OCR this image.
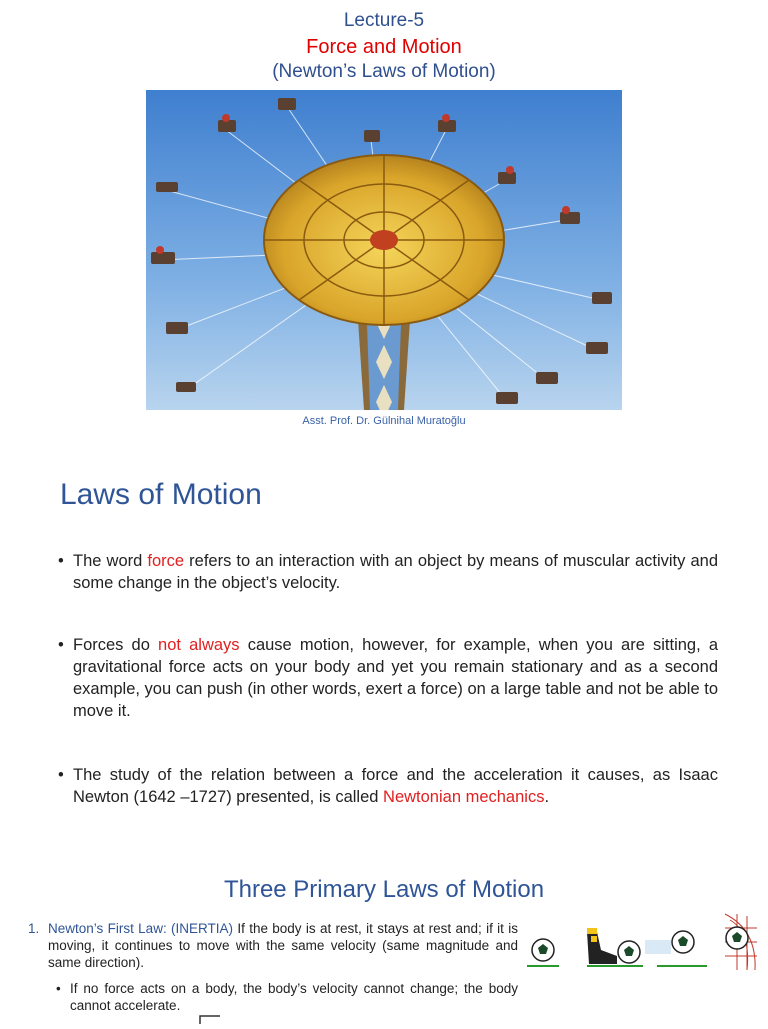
Lecture-5
Force and Motion
(Newton’s Laws of Motion)
Asst. Prof. Dr. Gülnihal Muratoğlu
Laws of Motion
• The word force refers to an interaction with an object by means of muscular activity and some change in the object’s velocity.
• Forces do not always cause motion, however, for example, when you are sitting, a gravitational force acts on your body and yet you remain stationary and as a second example, you can push (in other words, exert a force) on a large table and not be able to move it.
• The study of the relation between a force and the acceleration it causes, as Isaac Newton (1642 –1727) presented, is called Newtonian mechanics.
Three Primary Laws of Motion
1. Newton’s First Law: (INERTIA) If the body is at rest, it stays at rest and; if it is moving, it continues to move with the same velocity (same magnitude and same direction).
• If no force acts on a body, the body’s velocity cannot change; the body cannot accelerate.
